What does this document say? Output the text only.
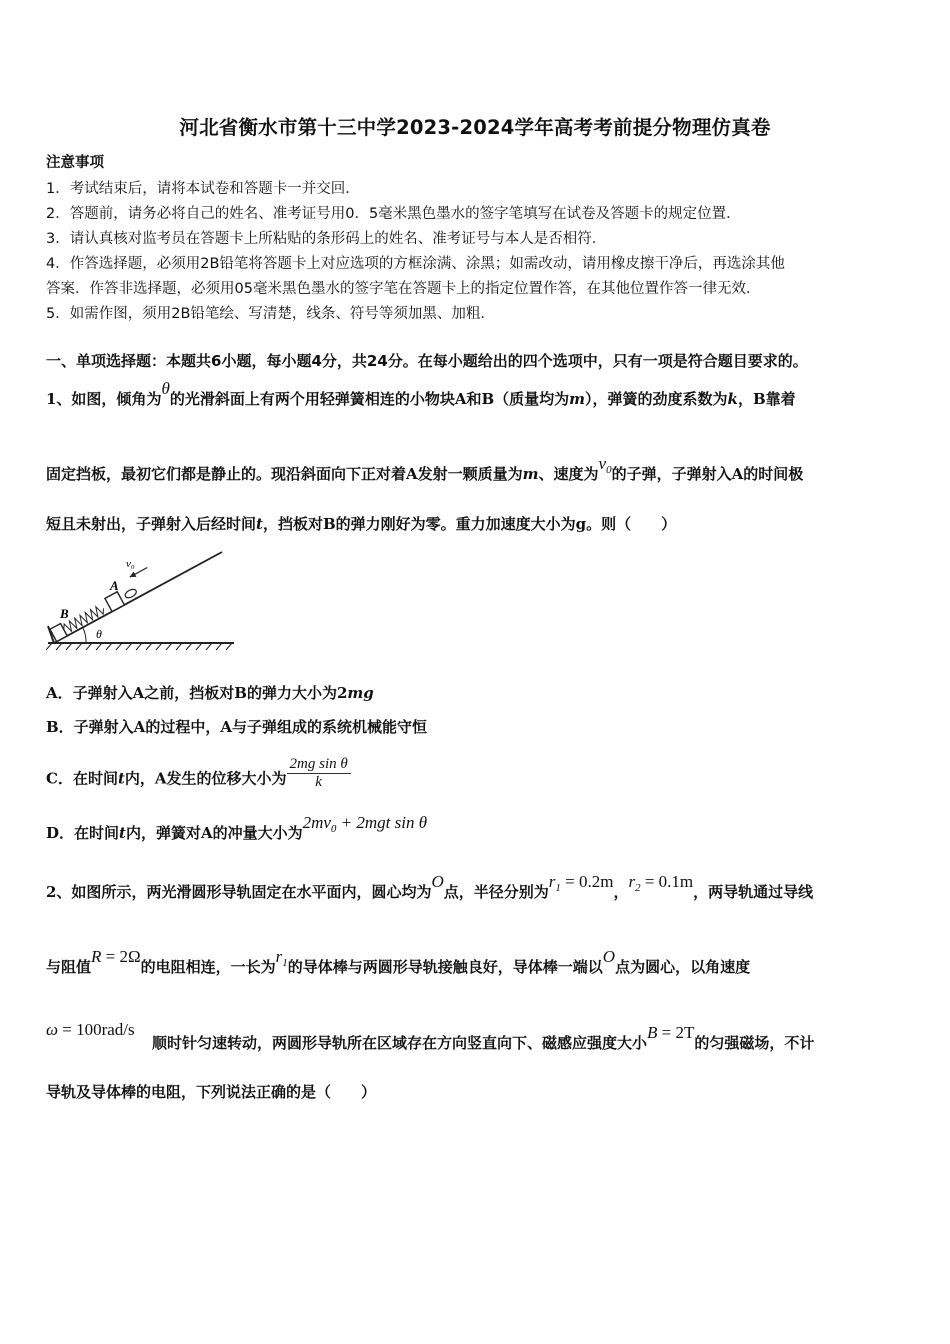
河北省衡水市第十三中学2023-2024学年高考考前提分物理仿真卷
注意事项
1．考试结束后，请将本试卷和答题卡一并交回．
2．答题前，请务必将自己的姓名、准考证号用0．5毫米黑色墨水的签字笔填写在试卷及答题卡的规定位置．
3．请认真核对监考员在答题卡上所粘贴的条形码上的姓名、准考证号与本人是否相符．
4．作答选择题，必须用2B铅笔将答题卡上对应选项的方框涂满、涂黑；如需改动，请用橡皮擦干净后，再选涂其他
答案．作答非选择题，必须用05毫米黑色墨水的签字笔在答题卡上的指定位置作答，在其他位置作答一律无效．
5．如需作图，须用2B铅笔绘、写清楚，线条、符号等须加黑、加粗．
一、单项选择题：本题共6小题，每小题4分，共24分。在每小题给出的四个选项中，只有一项是符合题目要求的。
1、如图，倾角为θ的光滑斜面上有两个用轻弹簧相连的小物块A和B（质量均为m），弹簧的劲度系数为k，B靠着
固定挡板，最初它们都是静止的。现沿斜面向下正对着A发射一颗质量为m、速度为$v_0$的子弹，子弹射入A的时间极
短且未射出，子弹射入后经时间t，挡板对B的弹力刚好为零。重力加速度大小为g。则（　　）
B
A
v₀
θ
A．子弹射入A之前，挡板对B的弹力大小为2mg
B．子弹射入A的过程中，A与子弹组成的系统机械能守恒
C．在时间t内，A发生的位移大小为 $\frac{\text{2mg sin θ}}{k}$
D．在时间t内，弹簧对A的冲量大小为$2mv_0 + 2mgt$ sin θ
2、如图所示，两光滑圆形导轨固定在水平面内，圆心均为O点，半径分别为$r_1 = 0.2m$，$r_2 = 0.1m$，两导轨通过导线
与阻值R = 2Ω的电阻相连，一长为$r_1$的导体棒与两圆形导轨接触良好，导体棒一端以O点为圆心，以角速度
ω = 100rad/s
顺时针匀速转动，两圆形导轨所在区域存在方向竖直向下、磁感应强度大小B = 2T的匀强磁场，不计
导轨及导体棒的电阻，下列说法正确的是（　　）
